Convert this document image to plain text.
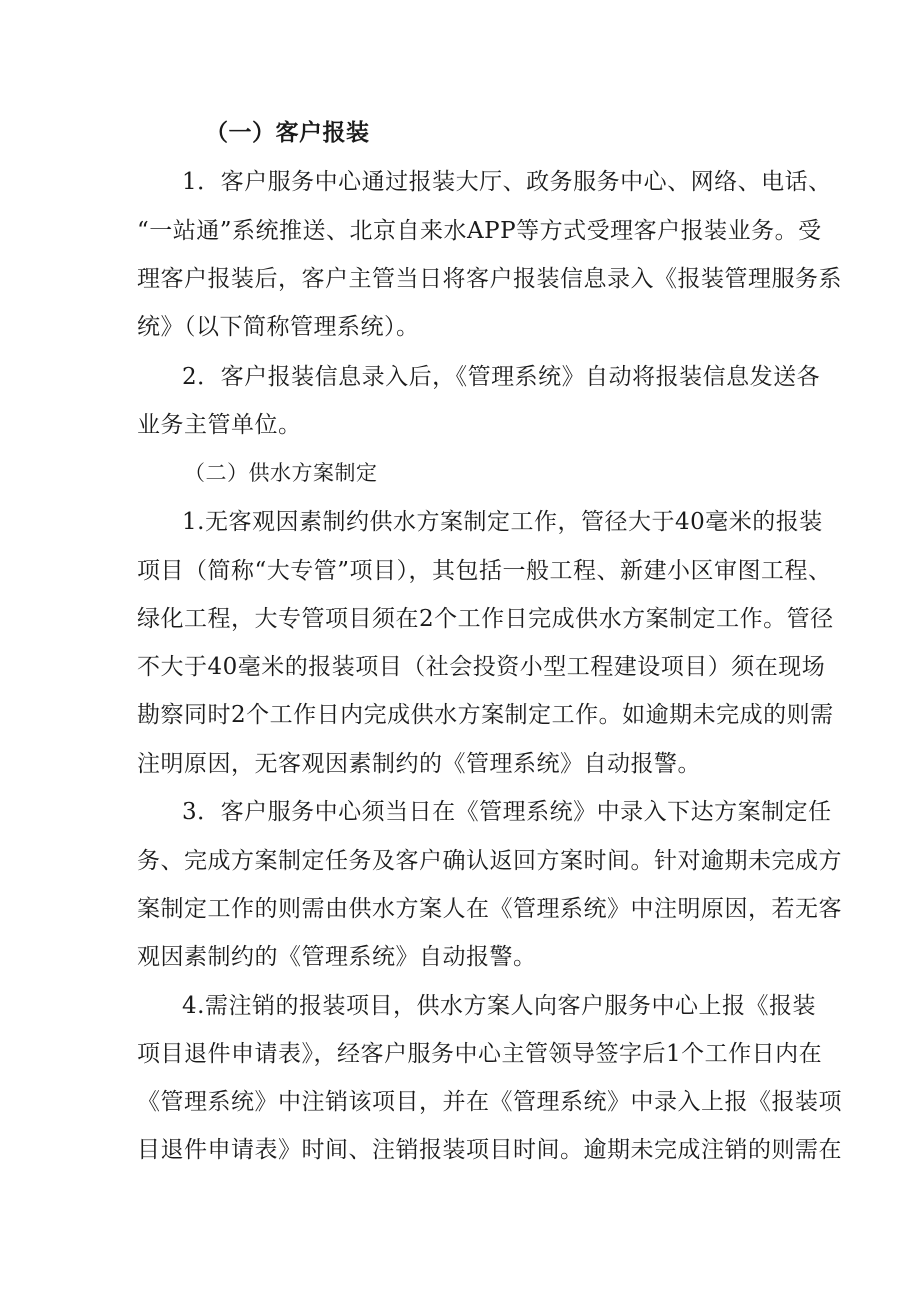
（一）客户报装
1．客户服务中心通过报装大厅、政务服务中心、网络、电话、
“一站通”系统推送、北京自来水APP等方式受理客户报装业务。受
理客户报装后，客户主管当日将客户报装信息录入《报装管理服务系
统》（以下简称管理系统）。
2．客户报装信息录入后，《管理系统》自动将报装信息发送各
业务主管单位。
（二）供水方案制定
1.无客观因素制约供水方案制定工作，管径大于40毫米的报装
项目（简称“大专管”项目），其包括一般工程、新建小区审图工程、
绿化工程，大专管项目须在2个工作日完成供水方案制定工作。管径
不大于40毫米的报装项目（社会投资小型工程建设项目）须在现场
勘察同时2个工作日内完成供水方案制定工作。如逾期未完成的则需
注明原因，无客观因素制约的《管理系统》自动报警。
3．客户服务中心须当日在《管理系统》中录入下达方案制定任
务、完成方案制定任务及客户确认返回方案时间。针对逾期未完成方
案制定工作的则需由供水方案人在《管理系统》中注明原因，若无客
观因素制约的《管理系统》自动报警。
4.需注销的报装项目，供水方案人向客户服务中心上报《报装
项目退件申请表》，经客户服务中心主管领导签字后1个工作日内在
《管理系统》中注销该项目，并在《管理系统》中录入上报《报装项
目退件申请表》时间、注销报装项目时间。逾期未完成注销的则需在
